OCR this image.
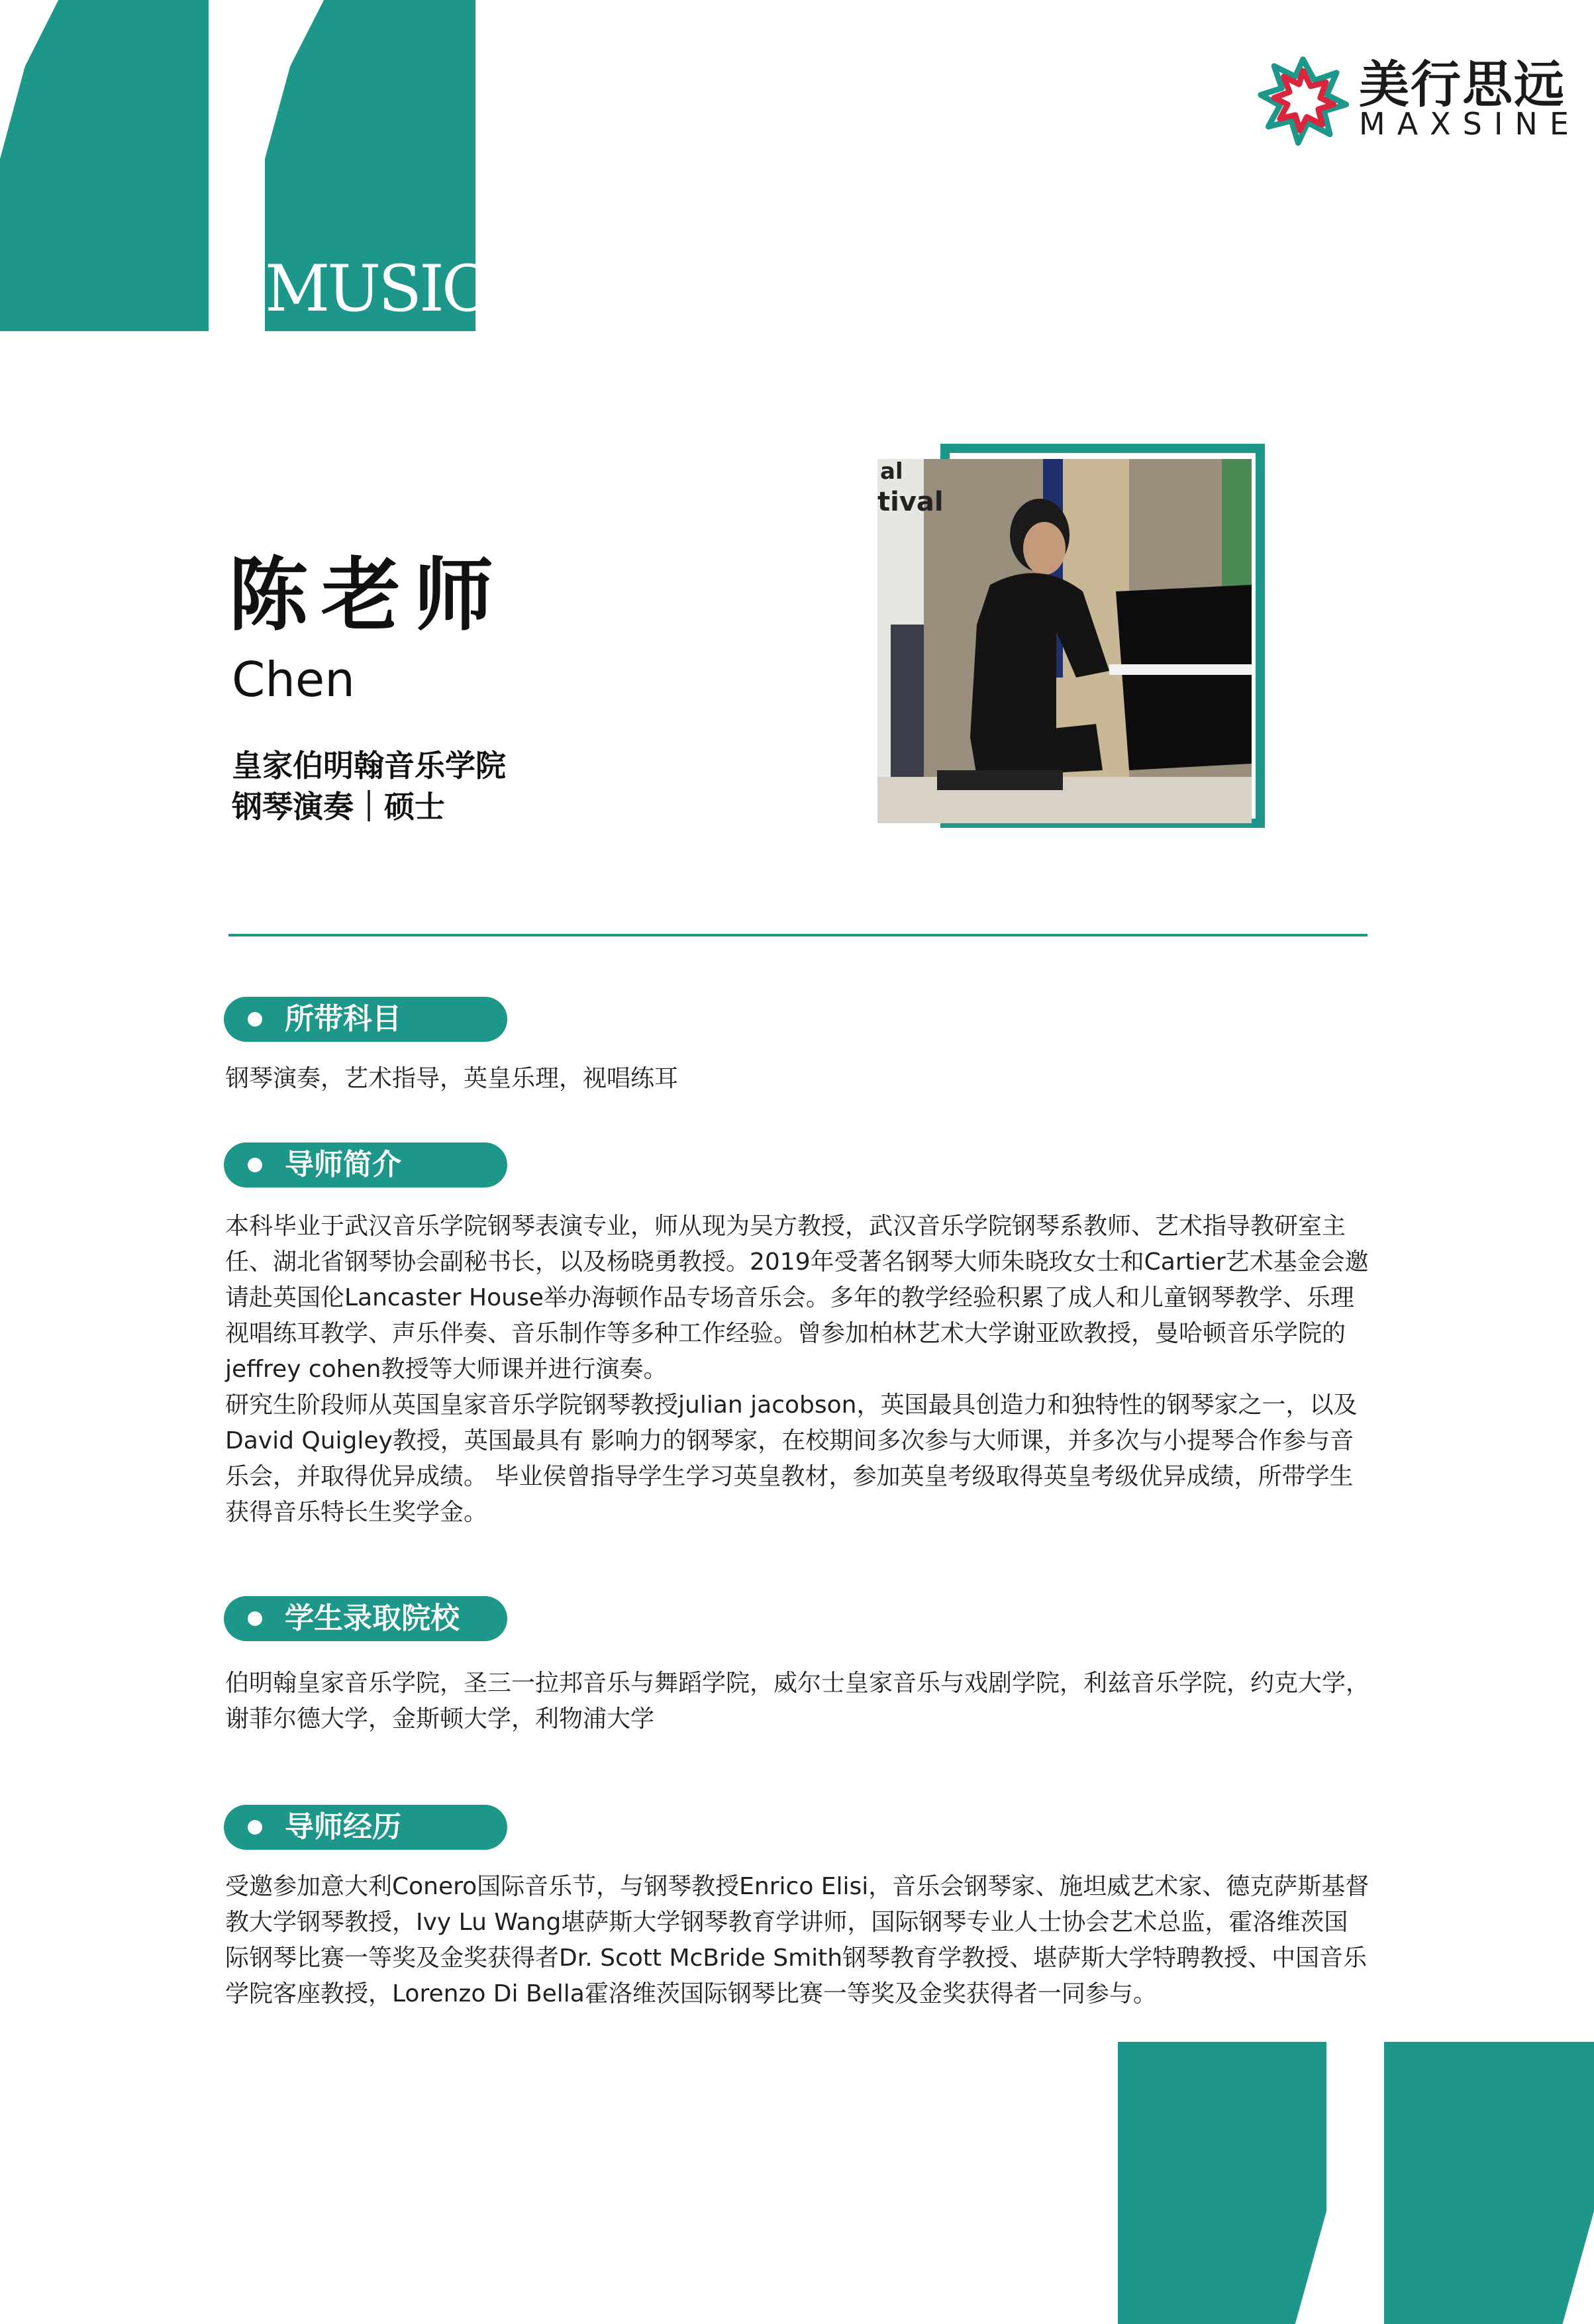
MUSIC
美行思远
MAXSINE
陈老师
Chen
皇家伯明翰音乐学院
钢琴演奏｜硕士
al
tival
所带科目
钢琴演奏，艺术指导，英皇乐理，视唱练耳
导师简介
本科毕业于武汉音乐学院钢琴表演专业，师从现为吴方教授，武汉音乐学院钢琴系教师、艺术指导教研室主任、湖北省钢琴协会副秘书长，以及杨晓勇教授。2019年受著名钢琴大师朱晓玫女士和Cartier艺术基金会邀请赴英国伦Lancaster House举办海顿作品专场音乐会。多年的教学经验积累了成人和儿童钢琴教学、乐理视唱练耳教学、声乐伴奏、音乐制作等多种工作经验。曾参加柏林艺术大学谢亚欧教授，曼哈顿音乐学院的jeffrey cohen教授等大师课并进行演奏。
研究生阶段师从英国皇家音乐学院钢琴教授julian jacobson，英国最具创造力和独特性的钢琴家之一，以及David Quigley教授，英国最具有 影响力的钢琴家，在校期间多次参与大师课，并多次与小提琴合作参与音乐会，并取得优异成绩。 毕业侯曾指导学生学习英皇教材，参加英皇考级取得英皇考级优异成绩，所带学生获得音乐特长生奖学金。
学生录取院校
伯明翰皇家音乐学院，圣三一拉邦音乐与舞蹈学院，威尔士皇家音乐与戏剧学院，利兹音乐学院，约克大学，谢菲尔德大学，金斯顿大学，利物浦大学
导师经历
受邀参加意大利Conero国际音乐节，与钢琴教授Enrico Elisi，音乐会钢琴家、施坦威艺术家、德克萨斯基督教大学钢琴教授，Ivy Lu Wang堪萨斯大学钢琴教育学讲师，国际钢琴专业人士协会艺术总监，霍洛维茨国际钢琴比赛一等奖及金奖获得者Dr. Scott McBride Smith钢琴教育学教授、堪萨斯大学特聘教授、中国音乐学院客座教授，Lorenzo Di Bella霍洛维茨国际钢琴比赛一等奖及金奖获得者一同参与。
